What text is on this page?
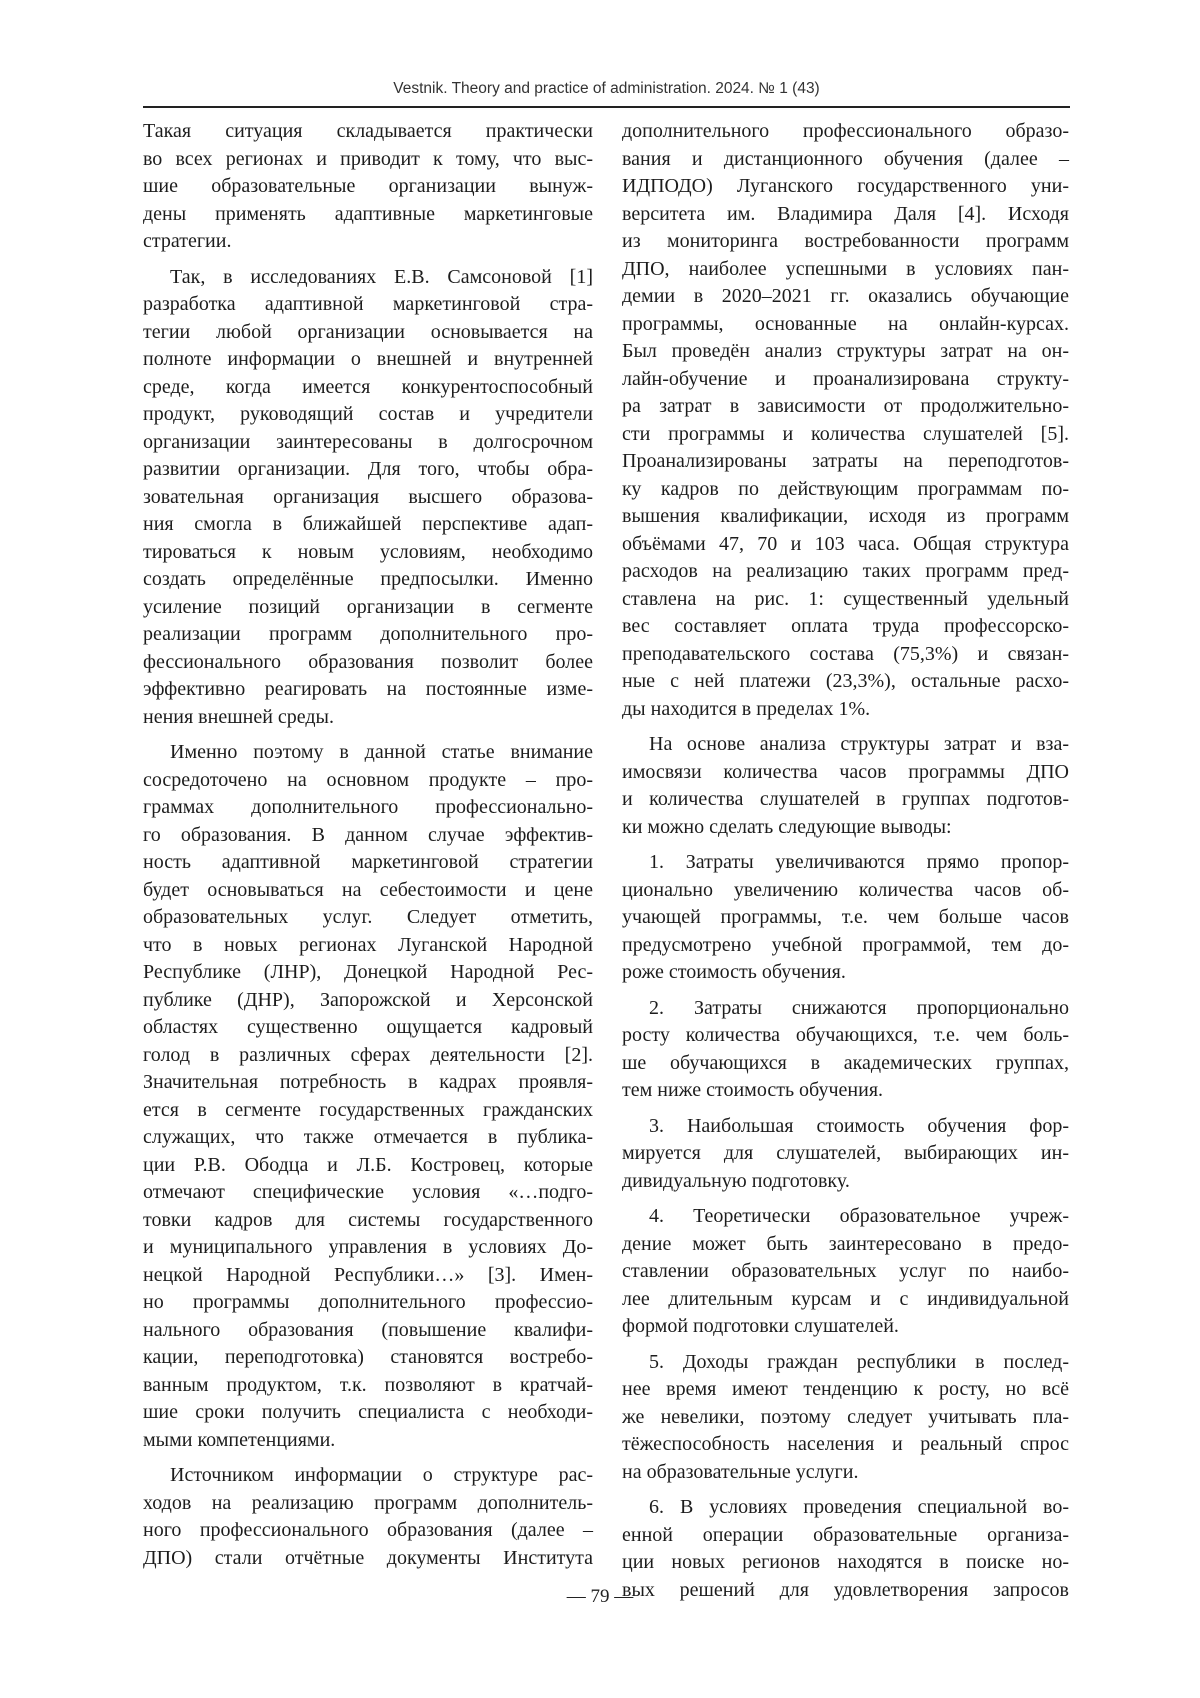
Vestnik. Theory and practice of administration. 2024. № 1 (43)
Такая ситуация складывается практически
во всех регионах и приводит к тому, что выс-
шие образовательные организации вынуж-
дены применять адаптивные маркетинговые
стратегии.
Так, в исследованиях Е.В. Самсоновой [1]
разработка адаптивной маркетинговой стра-
тегии любой организации основывается на
полноте информации о внешней и внутренней
среде, когда имеется конкурентоспособный
продукт, руководящий состав и учредители
организации заинтересованы в долгосрочном
развитии организации. Для того, чтобы обра-
зовательная организация высшего образова-
ния смогла в ближайшей перспективе адап-
тироваться к новым условиям, необходимо
создать определённые предпосылки. Именно
усиление позиций организации в сегменте
реализации программ дополнительного про-
фессионального образования позволит более
эффективно реагировать на постоянные изме-
нения внешней среды.
Именно поэтому в данной статье внимание
сосредоточено на основном продукте – про-
граммах дополнительного профессионально-
го образования. В данном случае эффектив-
ность адаптивной маркетинговой стратегии
будет основываться на себестоимости и цене
образовательных услуг. Следует отметить,
что в новых регионах Луганской Народной
Республике (ЛНР), Донецкой Народной Рес-
публике (ДНР), Запорожской и Херсонской
областях существенно ощущается кадровый
голод в различных сферах деятельности [2].
Значительная потребность в кадрах проявля-
ется в сегменте государственных гражданских
служащих, что также отмечается в публика-
ции Р.В. Ободца и Л.Б. Костровец, которые
отмечают специфические условия «…подго-
товки кадров для системы государственного
и муниципального управления в условиях До-
нецкой Народной Республики…» [3]. Имен-
но программы дополнительного профессио-
нального образования (повышение квалифи-
кации, переподготовка) становятся востребо-
ванным продуктом, т.к. позволяют в кратчай-
шие сроки получить специалиста с необходи-
мыми компетенциями.
Источником информации о структуре рас-
ходов на реализацию программ дополнитель-
ного профессионального образования (далее –
ДПО) стали отчётные документы Института
дополнительного профессионального образо-
вания и дистанционного обучения (далее –
ИДПОДО) Луганского государственного уни-
верситета им. Владимира Даля [4]. Исходя
из мониторинга востребованности программ
ДПО, наиболее успешными в условиях пан-
демии в 2020–2021 гг. оказались обучающие
программы, основанные на онлайн-курсах.
Был проведён анализ структуры затрат на он-
лайн-обучение и проанализирована структу-
ра затрат в зависимости от продолжительно-
сти программы и количества слушателей [5].
Проанализированы затраты на переподготов-
ку кадров по действующим программам по-
вышения квалификации, исходя из программ
объёмами 47, 70 и 103 часа. Общая структура
расходов на реализацию таких программ пред-
ставлена на рис. 1: существенный удельный
вес составляет оплата труда профессорско-
преподавательского состава (75,3%) и связан-
ные с ней платежи (23,3%), остальные расхо-
ды находится в пределах 1%.
На основе анализа структуры затрат и вза-
имосвязи количества часов программы ДПО
и количества слушателей в группах подготов-
ки можно сделать следующие выводы:
1. Затраты увеличиваются прямо пропор-
ционально увеличению количества часов об-
учающей программы, т.е. чем больше часов
предусмотрено учебной программой, тем до-
роже стоимость обучения.
2. Затраты снижаются пропорционально
росту количества обучающихся, т.е. чем боль-
ше обучающихся в академических группах,
тем ниже стоимость обучения.
3. Наибольшая стоимость обучения фор-
мируется для слушателей, выбирающих ин-
дивидуальную подготовку.
4. Теоретически образовательное учреж-
дение может быть заинтересовано в предо-
ставлении образовательных услуг по наибо-
лее длительным курсам и с индивидуальной
формой подготовки слушателей.
5. Доходы граждан республики в послед-
нее время имеют тенденцию к росту, но всё
же невелики, поэтому следует учитывать пла-
тёжеспособность населения и реальный спрос
на образовательные услуги.
6. В условиях проведения специальной во-
енной операции образовательные организа-
ции новых регионов находятся в поиске но-
вых решений для удовлетворения запросов
— 79 —
